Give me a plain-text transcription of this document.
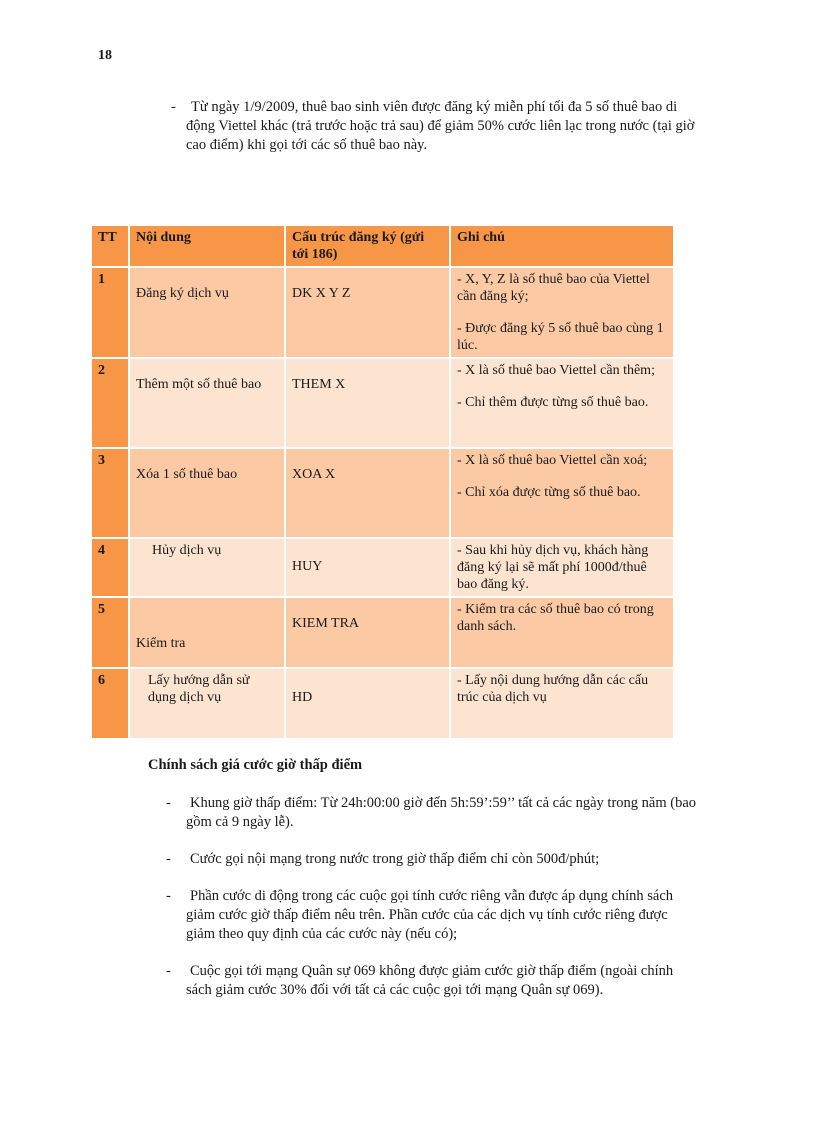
18
- Từ ngày 1/9/2009, thuê bao sinh viên được đăng ký miễn phí tối đa 5 số thuê bao di động Viettel khác (trả trước hoặc trả sau) để giảm 50% cước liên lạc trong nước (tại giờ cao điểm) khi gọi tới các số thuê bao này.
TT	Nội dung	Cấu trúc đăng ký (gửi tới 186)	Ghi chú
1	Đăng ký dịch vụ	DK X Y Z	- X, Y, Z là số thuê bao của Viettel cần đăng ký;
- Được đăng ký 5 số thuê bao cùng 1 lúc.

2	Thêm một số thuê bao	THEM X	- X là số thuê bao Viettel cần thêm;
- Chỉ thêm được từng số thuê bao.

3	Xóa 1 số thuê bao	XOA X	- X là số thuê bao Viettel cần xoá;
- Chỉ xóa được từng số thuê bao.

4	Hủy dịch vụ	HUY	- Sau khi hủy dịch vụ, khách hàng đăng ký lại sẽ mất phí 1000đ/thuê bao đăng ký.

5	Kiểm tra	KIEM TRA	- Kiểm tra các số thuê bao có trong danh sách.

6	Lấy hướng dẫn sử dụng dịch vụ	HD	- Lấy nội dung hướng dẫn các cấu trúc của dịch vụ
Chính sách giá cước giờ thấp điểm
- Khung giờ thấp điểm: Từ 24h:00:00 giờ đến 5h:59’:59’’ tất cả các ngày trong năm (bao gồm cả 9 ngày lễ).
- Cước gọi nội mạng trong nước trong giờ thấp điểm chỉ còn 500đ/phút;
- Phần cước di động trong các cuộc gọi tính cước riêng vẫn được áp dụng chính sách giảm cước giờ thấp điểm nêu trên. Phần cước của các dịch vụ tính cước riêng được giảm theo quy định của các cước này (nếu có);
- Cuộc gọi tới mạng Quân sự 069 không được giảm cước giờ thấp điểm (ngoài chính sách giảm cước 30% đối với tất cả các cuộc gọi tới mạng Quân sự 069).
